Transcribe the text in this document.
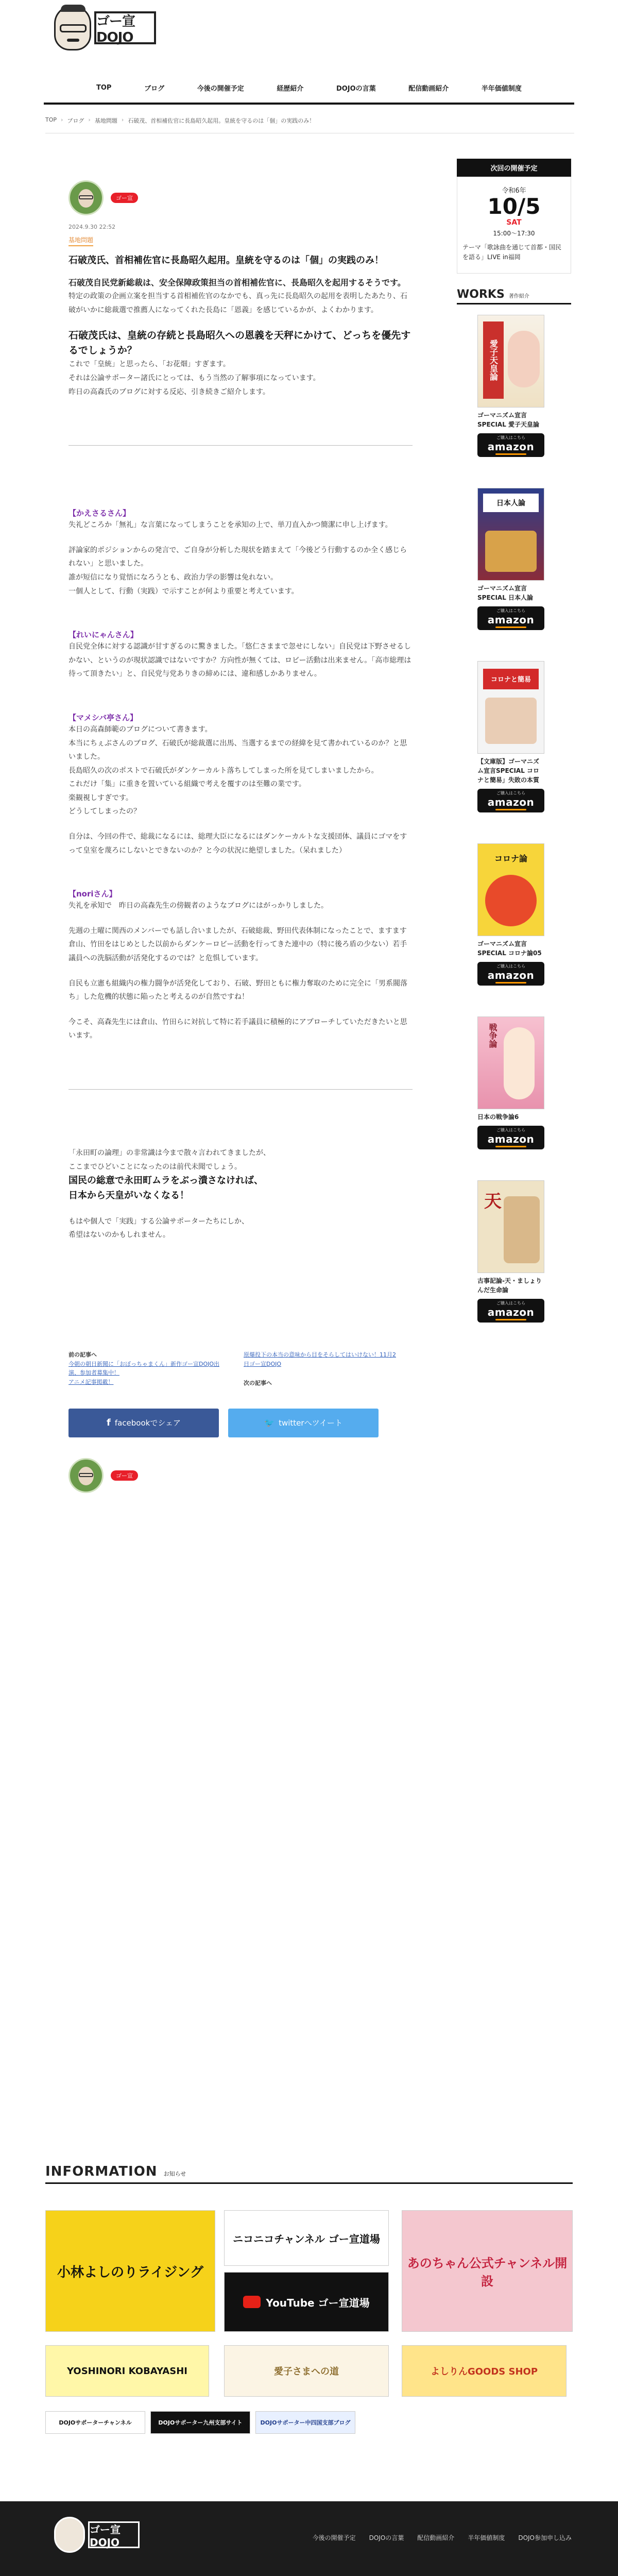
ゴー宣DOJO
TOP	ブログ	今後の開催予定	経歴紹介	DOJOの言葉	配信動画紹介	半年価値制度
TOP › ブログ › 基地問題 › 石破茂、首相補佐官に長島昭久起用。皇統を守るのは「個」の実践のみ！
ゴー宣
2024.9.30 22:52
基地問題
石破茂氏、首相補佐官に長島昭久起用。皇統を守るのは「個」の実践のみ！
石破茂自民党新総裁は、安全保障政策担当の首相補佐官に、長島昭久を起用するそうです。

特定の政策の企画立案を担当する首相補佐官のなかでも、真っ先に長島昭久の起用を表明したあたり、石破がいかに総裁選で推薦人になってくれた長島に「恩義」を感じているかが、よくわかります。

石破茂氏は、皇統の存続と長島昭久への恩義を天秤にかけて、どっちを優先するでしょうか？

これで「皇統」と思ったら、「お花畑」すぎます。

それは公論サポーター諸氏にとっては、もう当然の了解事項になっています。

昨日の高森氏のブログに対する反応、引き続きご紹介します。

【かえさるさん】

失礼どころか「無礼」な言葉になってしまうことを承知の上で、単刀直入かつ簡潔に申し上げます。

評論家的ポジションからの発言で、ご自身が分析した現状を踏まえて「今後どう行動するのか全く感じられない」と思いました。
誰が短信になり覚悟になろうとも、政治力学の影響は免れない。
一個人として、行動（実践）で示すことが何より重要と考えています。

【れいにゃんさん】

自民党全体に対する認識が甘すぎるのに驚きました。「悠仁さままで忽せにしない」自民党は下野させるしかない、というのが現状認識ではないですか？方向性が無くては、ロビー活動は出来ません。「高市総理は待って頂きたい」と、自民党与党ありきの締めには、違和感しかありません。

【マメシバ亭さん】

本日の高森師範のブログについて書きます。
本当にちぇぶさんのブログ、石破氏が総裁選に出馬、当選するまでの経緯を見て書かれているのか？と思いました。
長島昭久の次のポストで石破氏がダンケーカルト落ちしてしまった所を見てしまいましたから。
これだけ「集」に重きを置いている組織で考えを覆すのは至難の業です。
楽観視しすぎです。
どうしてしまったの？

自分は、今回の件で、総裁になるには、総理大臣になるにはダンケーカルトな支援団体、議員にゴマをすって皇室を蔑ろにしないとできないのか？と今の状況に絶望しました。（呆れました）

【noriさん】

失礼を承知で　昨日の高森先生の傍観者のようなブログにはがっかりしました。

先週の土曜に関西のメンバーでも話し合いましたが、石破総裁、野田代表体制になったことで、ますます　倉山、竹田をはじめとした以前からダンケーロビー活動を行ってきた連中の（特に後ろ盾の少ない）若手議員への洗脳活動が活発化するのでは？と危惧しています。

自民も立憲も組織内の権力闘争が活発化しており、石破、野田ともに権力奪取のために完全に「男系閥落ち」した危機的状態に陥ったと考えるのが自然ですね！

今こそ、高森先生には倉山、竹田らに対抗して特に若手議員に積極的にアプローチしていただきたいと思います。

「永田町の論理」の非常識は今まで散々言われてきましたが、
ここまでひどいことになったのは前代未聞でしょう。

国民の総意で永田町ムラをぶっ潰さなければ、
日本から天皇がいなくなる！

もはや個人で「実践」する公論サポーターたちにしか、
希望はないのかもしれません。

前の記事へ
今朝の朝日新聞に「おぼっちゃまくん」新作ゴー宣DOJO出演、参加者募集中！
アニメ記事掲載！
原爆投下の本当の意味から目をそらしてはいけない！11月2日ゴー宣DOJO
次の記事へ
f facebookでシェア	🐦 twitterへツイート
ゴー宣
次回の開催予定
令和6年
10/5
SAT
15:00～17:30
テーマ「歌詠曲を通じて首都・国民を語る」LIVE in福岡
WORKS 著作紹介
愛子天皇論
ゴーマニズム宣言SPECIAL 愛子天皇論
ご購入はこちら
amazon
日本人論
ゴーマニズム宣言SPECIAL 日本人論
ご購入はこちら
amazon
コロナと簡易
【文庫版】ゴーマニズム宣言SPECIAL コロナと簡易」失敗の本質
ご購入はこちら
amazon
コロナ論
ゴーマニズム宣言SPECIAL コロナ論05
ご購入はこちら
amazon
戦争論
日本の戦争論6
ご購入はこちら
amazon
天
古事記論-天・ましょりんだ生命論
ご購入はこちら
amazon
INFORMATION お知らせ
小林よしのりライジング
ニコニコチャンネル ゴー宣道場
YouTube ゴー宣道場
あのちゃん公式チャンネル開設
YOSHINORI KOBAYASHI	愛子さまへの道	よしりんGOODS SHOP
DOJOサポーターチャンネル	DOJOサポーター九州支部サイト	DOJOサポーター中四国支部ブログ
ゴー宣DOJO	今後の開催予定 DOJOの言葉 配信動画紹介 半年価値制度 DOJO参加申し込み
